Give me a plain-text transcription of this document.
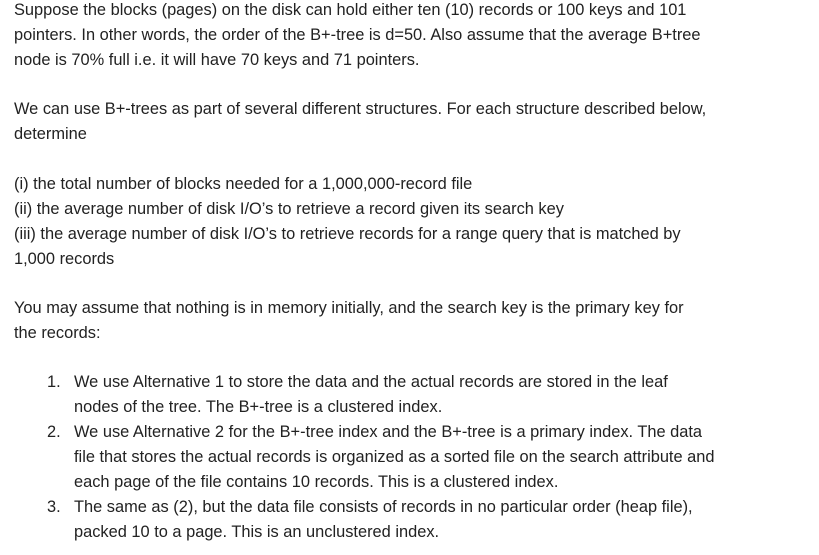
Suppose the blocks (pages) on the disk can hold either ten (10) records or 100 keys and 101
pointers. In other words, the order of the B+-tree is d=50. Also assume that the average B+tree
node is 70% full i.e. it will have 70 keys and 71 pointers.

We can use B+-trees as part of several different structures. For each structure described below,
determine

(i) the total number of blocks needed for a 1,000,000-record file
(ii) the average number of disk I/O’s to retrieve a record given its search key
(iii) the average number of disk I/O’s to retrieve records for a range query that is matched by
1,000 records

You may assume that nothing is in memory initially, and the search key is the primary key for
the records:

1. We use Alternative 1 to store the data and the actual records are stored in the leaf
nodes of the tree. The B+-tree is a clustered index.
2. We use Alternative 2 for the B+-tree index and the B+-tree is a primary index. The data
file that stores the actual records is organized as a sorted file on the search attribute and
each page of the file contains 10 records. This is a clustered index.
3. The same as (2), but the data file consists of records in no particular order (heap file),
packed 10 to a page. This is an unclustered index.
